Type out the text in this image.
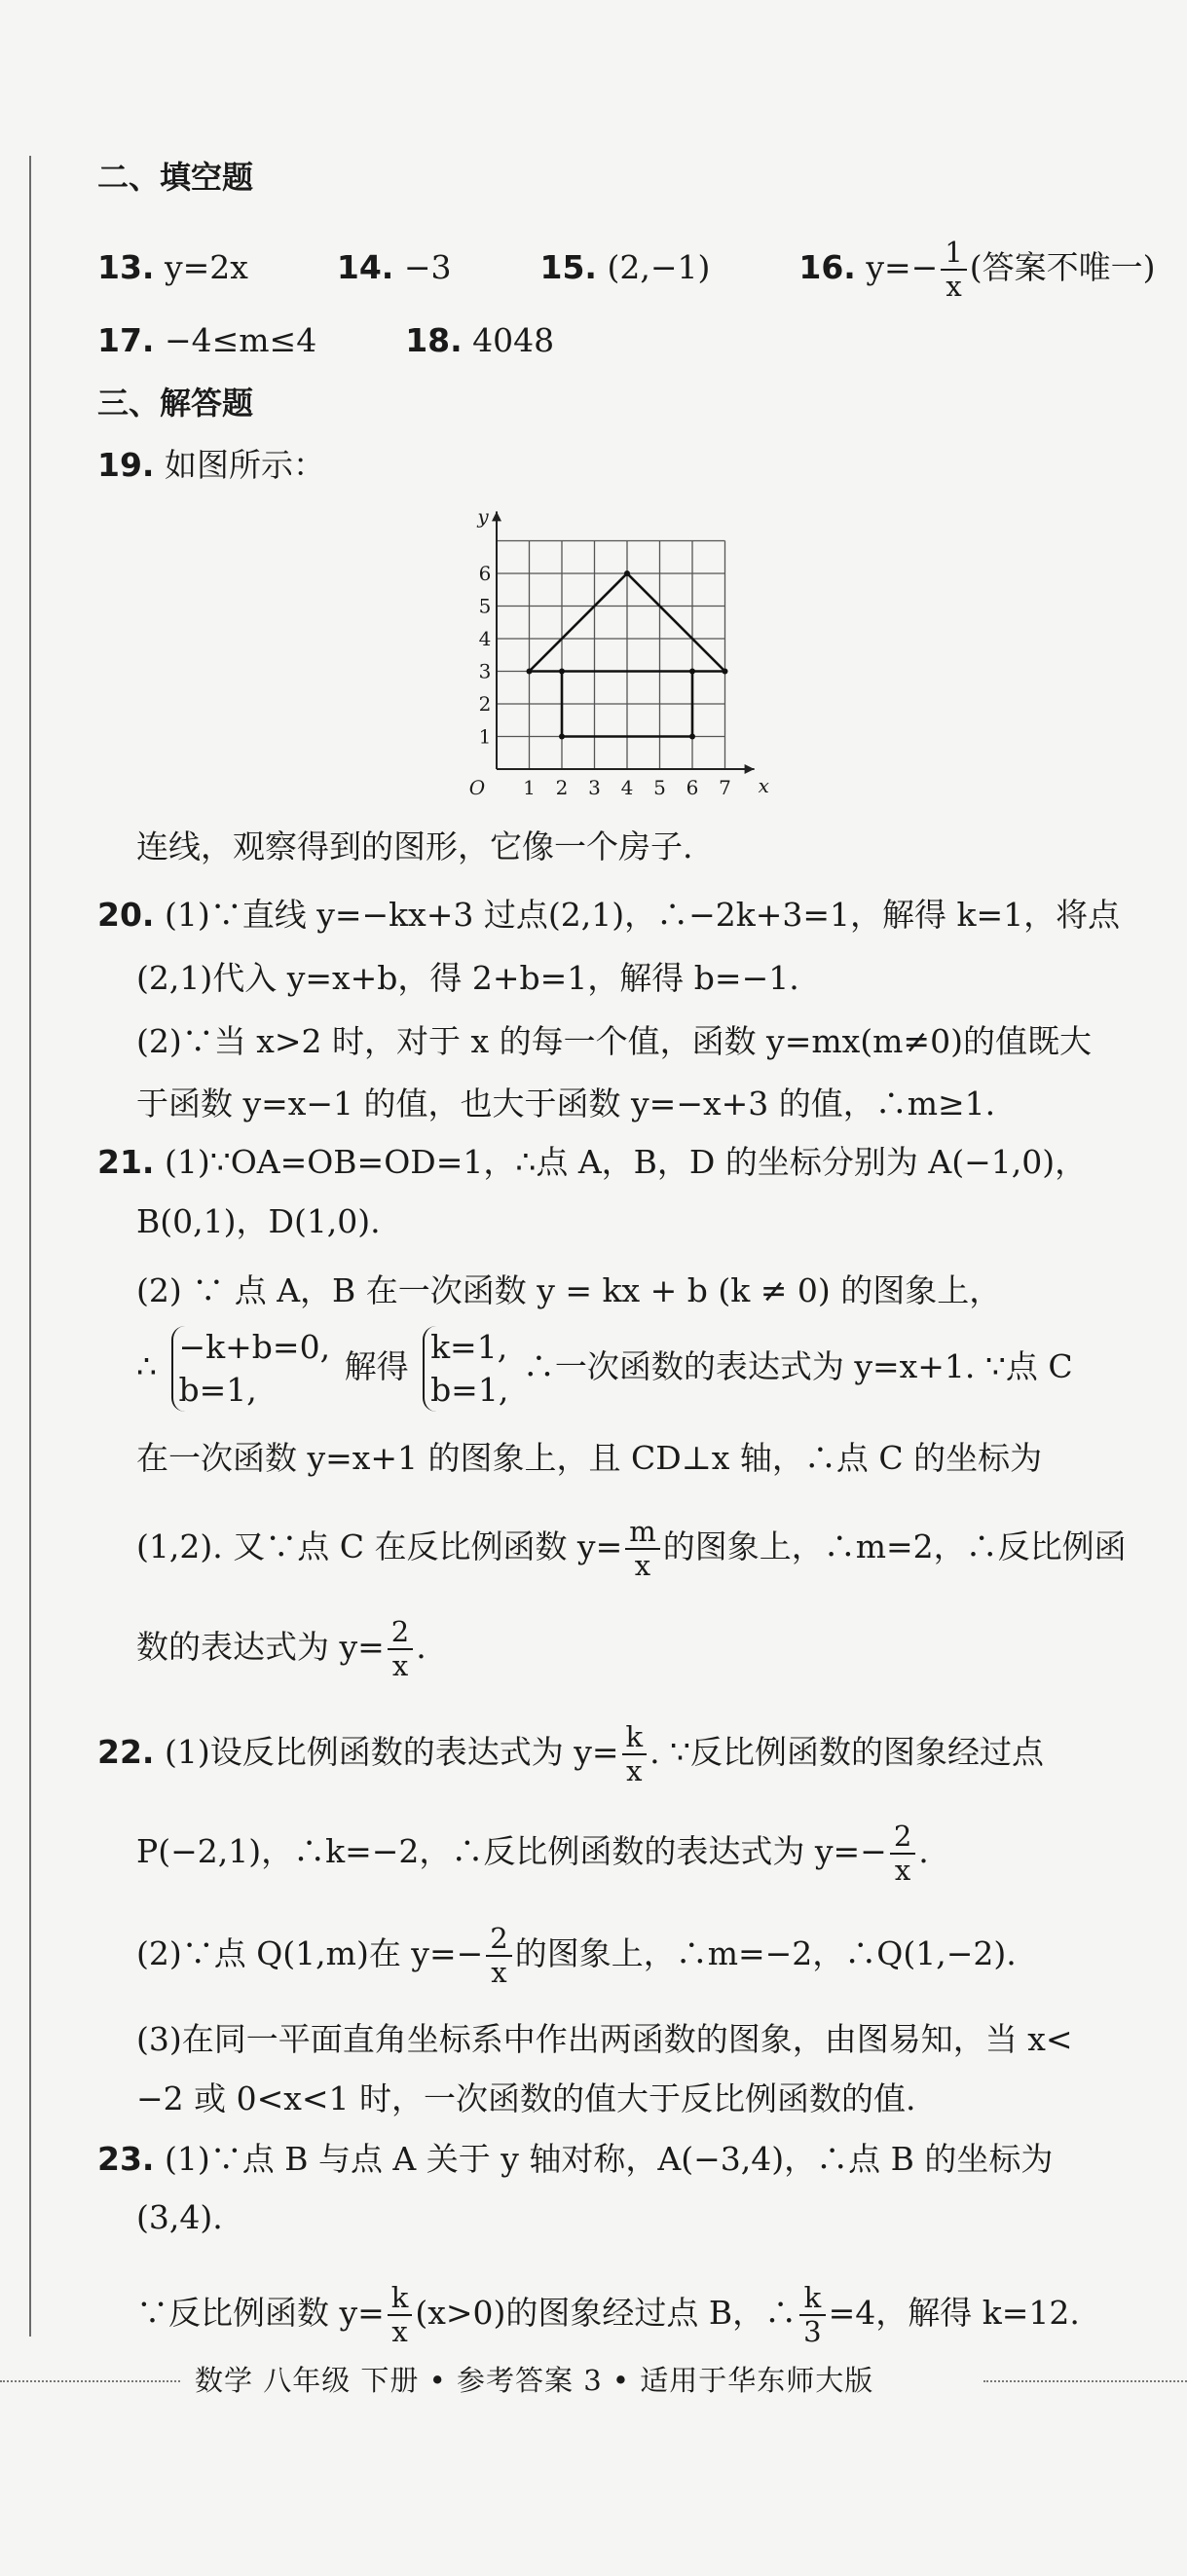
二、填空题
13. y=2x	14. −3	15. (2,−1)	16. $y=- \frac{1}{x}$ (答案不唯一)
17. −4≤m≤4	18. 4048
三、解答题
19. 如图所示：
1 2 3 4 5 6 7
1
2
3
4
5
6
O	x
y
连线，观察得到的图形，它像一个房子.
20. (1)∵直线 y=−kx+3 过点(2,1)，∴−2k+3=1，解得 k=1，将点
(2,1)代入 y=x+b，得 2+b=1，解得 b=−1.
(2)∵当 x>2 时，对于 x 的每一个值，函数 y=mx(m≠0)的值既大
于函数 y=x−1 的值，也大于函数 y=−x+3 的值，∴m≥1.
21. (1)∵OA=OB=OD=1，∴点 A，B，D 的坐标分别为 A(−1,0)，
B(0,1)，D(1,0).
(2) ∵ 点 A，B 在一次函数 y = kx + b (k ≠ 0) 的图象上，
∴
−k+b=0,
b=1,
解得
k=1,
b=1,
∴一次函数的表达式为 y=x+1. ∵点 C
在一次函数 y=x+1 的图象上，且 CD⊥x 轴，∴点 C 的坐标为
(1,2). 又∵点 C 在反比例函数 $y= \frac{m}{x}$ 的图象上，∴m=2，∴反比例函
数的表达式为 $y= \frac{2}{x}$ .
22. (1)设反比例函数的表达式为 $y= \frac{k}{x}$ . ∵反比例函数的图象经过点
P(−2,1)，∴k=−2，∴反比例函数的表达式为 $y=- \frac{2}{x}$ .
(2)∵点 Q(1,m)在 $y=- \frac{2}{x}$ 的图象上，∴m=−2，∴Q(1,−2).
(3)在同一平面直角坐标系中作出两函数的图象，由图易知，当 x<
−2 或 0<x<1 时，一次函数的值大于反比例函数的值.
23. (1)∵点 B 与点 A 关于 y 轴对称，A(−3,4)，∴点 B 的坐标为
(3,4).
∵反比例函数 $y= \frac{k}{x} (x>0)$的图象经过点 B，∴ $\frac{k}{3} =4$，解得 k=12.
数学 八年级 下册 • 参考答案 3 • 适用于华东师大版
